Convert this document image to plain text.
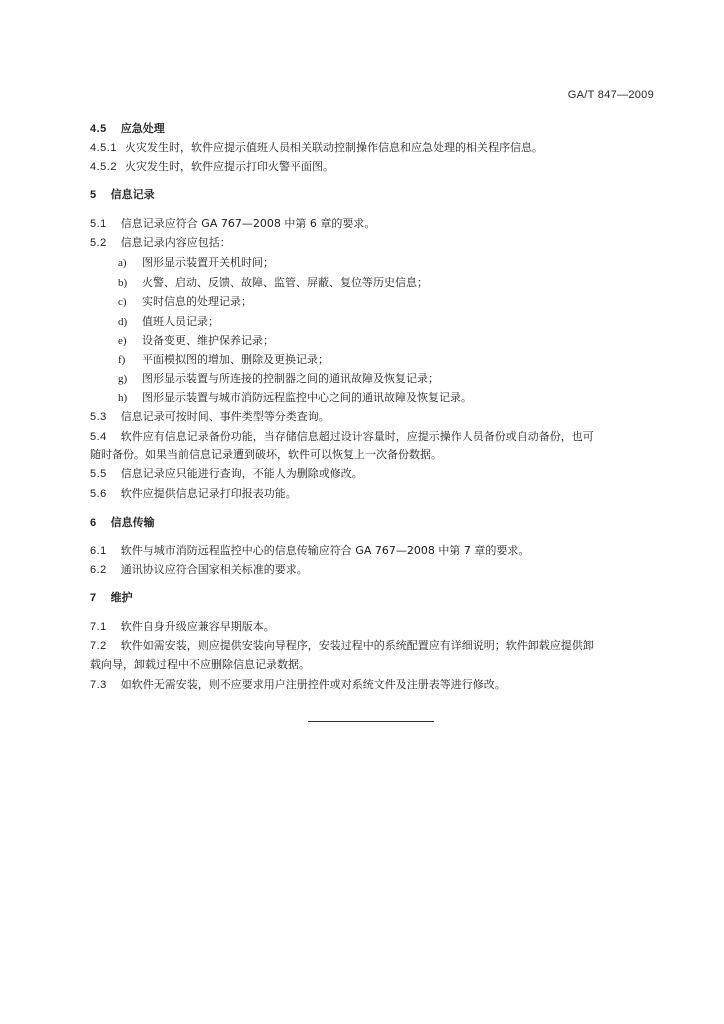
GA/T 847—2009
4.5 应急处理
4.5.1 火灾发生时，软件应提示值班人员相关联动控制操作信息和应急处理的相关程序信息。
4.5.2 火灾发生时，软件应提示打印火警平面图。
5 信息记录
5.1 信息记录应符合 GA 767—2008 中第 6 章的要求。
5.2 信息记录内容应包括：
a) 图形显示装置开关机时间；
b) 火警、启动、反馈、故障、监管、屏蔽、复位等历史信息；
c) 实时信息的处理记录；
d) 值班人员记录；
e) 设备变更、维护保养记录；
f) 平面模拟图的增加、删除及更换记录；
g) 图形显示装置与所连接的控制器之间的通讯故障及恢复记录；
h) 图形显示装置与城市消防远程监控中心之间的通讯故障及恢复记录。
5.3 信息记录可按时间、事件类型等分类查询。
5.4 软件应有信息记录备份功能，当存储信息超过设计容量时，应提示操作人员备份或自动备份，也可
随时备份。如果当前信息记录遭到破坏，软件可以恢复上一次备份数据。
5.5 信息记录应只能进行查询，不能人为删除或修改。
5.6 软件应提供信息记录打印报表功能。
6 信息传输
6.1 软件与城市消防远程监控中心的信息传输应符合 GA 767—2008 中第 7 章的要求。
6.2 通讯协议应符合国家相关标准的要求。
7 维护
7.1 软件自身升级应兼容早期版本。
7.2 软件如需安装，则应提供安装向导程序，安装过程中的系统配置应有详细说明；软件卸载应提供卸
载向导，卸载过程中不应删除信息记录数据。
7.3 如软件无需安装，则不应要求用户注册控件或对系统文件及注册表等进行修改。
